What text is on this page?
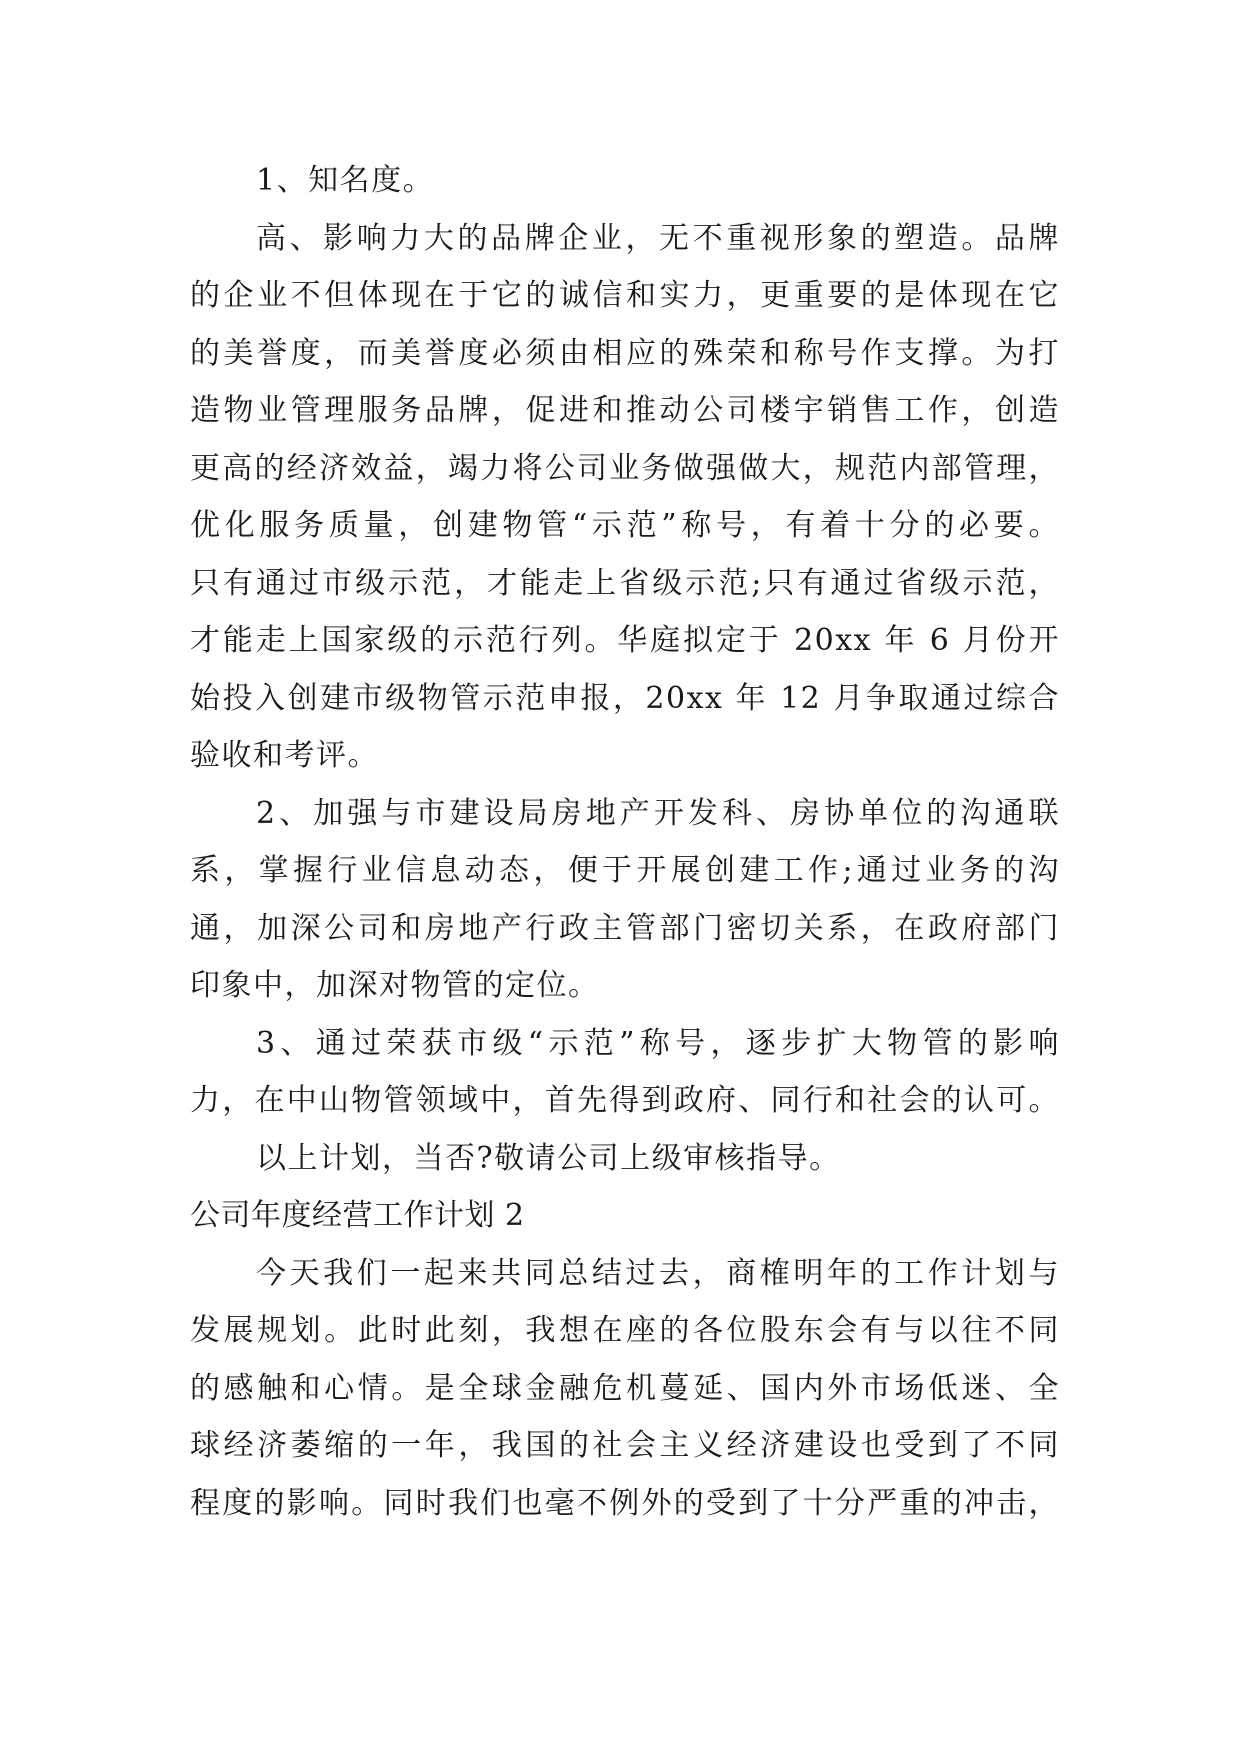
1、知名度。

高、影响力大的品牌企业，无不重视形象的塑造。品牌

的企业不但体现在于它的诚信和实力，更重要的是体现在它

的美誉度，而美誉度必须由相应的殊荣和称号作支撑。为打

造物业管理服务品牌，促进和推动公司楼宇销售工作，创造

更高的经济效益，竭力将公司业务做强做大，规范内部管理，

优化服务质量，创建物管“示范”称号，有着十分的必要。

只有通过市级示范，才能走上省级示范;只有通过省级示范，

才能走上国家级的示范行列。华庭拟定于 20xx 年 6 月份开

始投入创建市级物管示范申报，20xx 年 12 月争取通过综合

验收和考评。

2、加强与市建设局房地产开发科、房协单位的沟通联

系，掌握行业信息动态，便于开展创建工作;通过业务的沟

通，加深公司和房地产行政主管部门密切关系，在政府部门

印象中，加深对物管的定位。

3、通过荣获市级“示范”称号，逐步扩大物管的影响

力，在中山物管领域中，首先得到政府、同行和社会的认可。

以上计划，当否?敬请公司上级审核指导。

公司年度经营工作计划 2

今天我们一起来共同总结过去，商榷明年的工作计划与

发展规划。此时此刻，我想在座的各位股东会有与以往不同

的感触和心情。是全球金融危机蔓延、国内外市场低迷、全

球经济萎缩的一年，我国的社会主义经济建设也受到了不同

程度的影响。同时我们也毫不例外的受到了十分严重的冲击，
